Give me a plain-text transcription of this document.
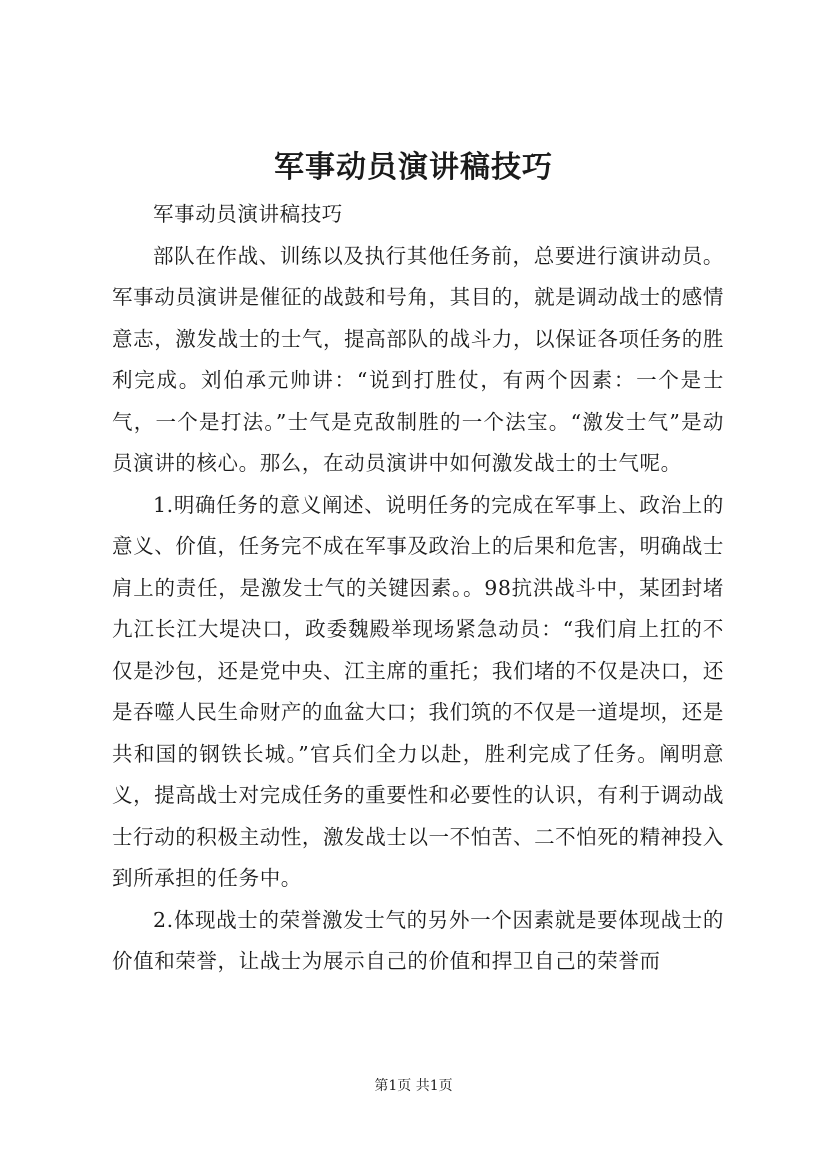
军事动员演讲稿技巧

军事动员演讲稿技巧

部队在作战、训练以及执行其他任务前，总要进行演讲动员。军事动员演讲是催征的战鼓和号角，其目的，就是调动战士的感情意志，激发战士的士气，提高部队的战斗力，以保证各项任务的胜利完成。刘伯承元帅讲：“说到打胜仗，有两个因素：一个是士气，一个是打法。”士气是克敌制胜的一个法宝。“激发士气”是动员演讲的核心。那么，在动员演讲中如何激发战士的士气呢。

1.明确任务的意义阐述、说明任务的完成在军事上、政治上的意义、价值，任务完不成在军事及政治上的后果和危害，明确战士肩上的责任，是激发士气的关键因素。。98抗洪战斗中，某团封堵九江长江大堤决口，政委魏殿举现场紧急动员：“我们肩上扛的不仅是沙包，还是党中央、江主席的重托；我们堵的不仅是决口，还是吞噬人民生命财产的血盆大口；我们筑的不仅是一道堤坝，还是共和国的钢铁长城。”官兵们全力以赴，胜利完成了任务。阐明意义，提高战士对完成任务的重要性和必要性的认识，有利于调动战士行动的积极主动性，激发战士以一不怕苦、二不怕死的精神投入到所承担的任务中。

2.体现战士的荣誉激发士气的另外一个因素就是要体现战士的价值和荣誉，让战士为展示自己的价值和捍卫自己的荣誉而

第1页 共1页
